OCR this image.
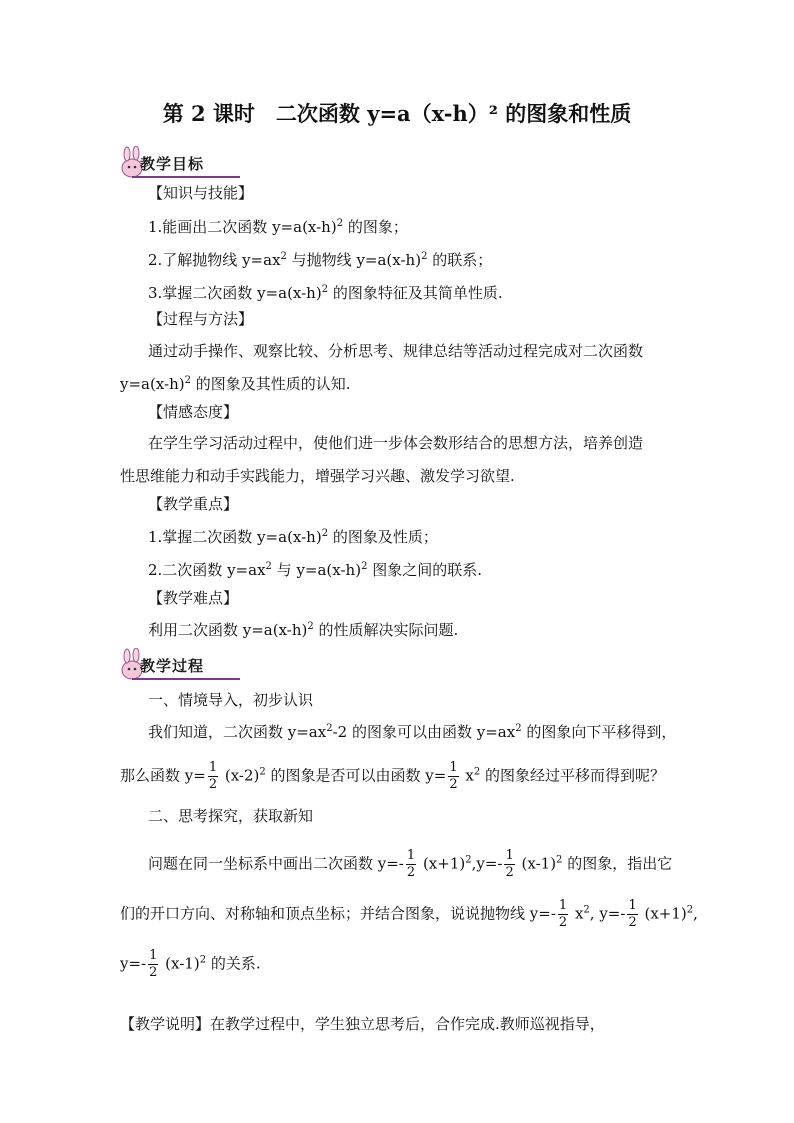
第 2 课时　二次函数 y=a（x-h）² 的图象和性质
教学目标
【知识与技能】
1.能画出二次函数 $y=a(x-h)^2$ 的图象；
2.了解抛物线 $y=ax^2$ 与抛物线 $y=a(x-h)^2$ 的联系；
3.掌握二次函数 $y=a(x-h)^2$ 的图象特征及其简单性质.
【过程与方法】
通过动手操作、观察比较、分析思考、规律总结等活动过程完成对二次函数
$y=a(x-h)^2$ 的图象及其性质的认知.
【情感态度】
在学生学习活动过程中，使他们进一步体会数形结合的思想方法，培养创造
性思维能力和动手实践能力，增强学习兴趣、激发学习欲望.
【教学重点】
1.掌握二次函数 $y=a(x-h)^2$ 的图象及性质；
2.二次函数 $y=ax^2$ 与 $y=a(x-h)^2$ 图象之间的联系.
【教学难点】
利用二次函数 $y=a(x-h)^2$ 的性质解决实际问题.
教学过程
一、情境导入，初步认识
我们知道，二次函数 $y=ax^2-2$ 的图象可以由函数 $y=ax^2$ 的图象向下平移得到，
那么函数 $y= \frac{1}{2} (x-2)^2$ 的图象是否可以由函数 $y= \frac{1}{2} x^2$ 的图象经过平移而得到呢？
二、思考探究，获取新知
问题在同一坐标系中画出二次函数 $y=- \frac{1}{2} (x+1)^2,y=- \frac{1}{2} (x-1)^2$ 的图象，指出它
们的开口方向、对称轴和顶点坐标；并结合图象，说说抛物线 $y=- \frac{1}{2} x^2$, $y=- \frac{1}{2} (x+1)^2$,
$y=- \frac{1}{2} (x-1)^2$ 的关系.
【教学说明】在教学过程中，学生独立思考后，合作完成.教师巡视指导，
